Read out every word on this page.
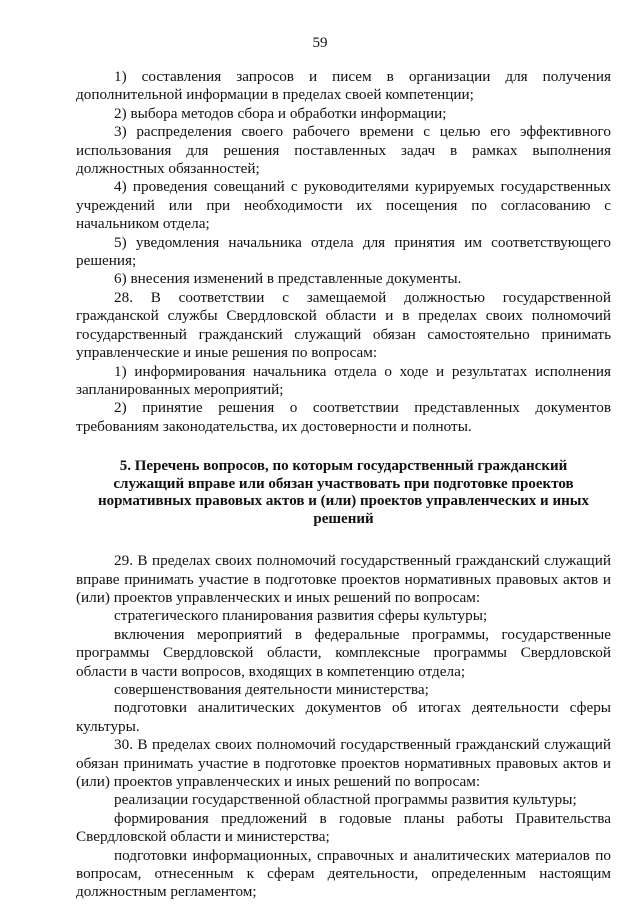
59

1) составления запросов и писем в организации для получения дополнительной информации в пределах своей компетенции;

2) выбора методов сбора и обработки информации;

3) распределения своего рабочего времени с целью его эффективного использования для решения поставленных задач в рамках выполнения должностных обязанностей;

4) проведения совещаний с руководителями курируемых государственных учреждений или при необходимости их посещения по согласованию с начальником отдела;

5) уведомления начальника отдела для принятия им соответствующего решения;

6) внесения изменений в представленные документы.

28. В соответствии с замещаемой должностью государственной гражданской службы Свердловской области и в пределах своих полномочий государственный гражданский служащий обязан самостоятельно принимать управленческие и иные решения по вопросам:

1) информирования начальника отдела о ходе и результатах исполнения запланированных мероприятий;

2) принятие решения о соответствии представленных документов требованиям законодательства, их достоверности и полноты.

5. Перечень вопросов, по которым государственный гражданский служащий вправе или обязан участвовать при подготовке проектов нормативных правовых актов и (или) проектов управленческих и иных решений

29. В пределах своих полномочий государственный гражданский служащий вправе принимать участие в подготовке проектов нормативных правовых актов и (или) проектов управленческих и иных решений по вопросам:

стратегического планирования развития сферы культуры;

включения мероприятий в федеральные программы, государственные программы Свердловской области, комплексные программы Свердловской области в части вопросов, входящих в компетенцию отдела;

совершенствования деятельности министерства;

подготовки аналитических документов об итогах деятельности сферы культуры.

30. В пределах своих полномочий государственный гражданский служащий обязан принимать участие в подготовке проектов нормативных правовых актов и (или) проектов управленческих и иных решений по вопросам:

реализации государственной областной программы развития культуры;

формирования предложений в годовые планы работы Правительства Свердловской области и министерства;

подготовки информационных, справочных и аналитических материалов по вопросам, отнесенным к сферам деятельности, определенным настоящим должностным регламентом;
